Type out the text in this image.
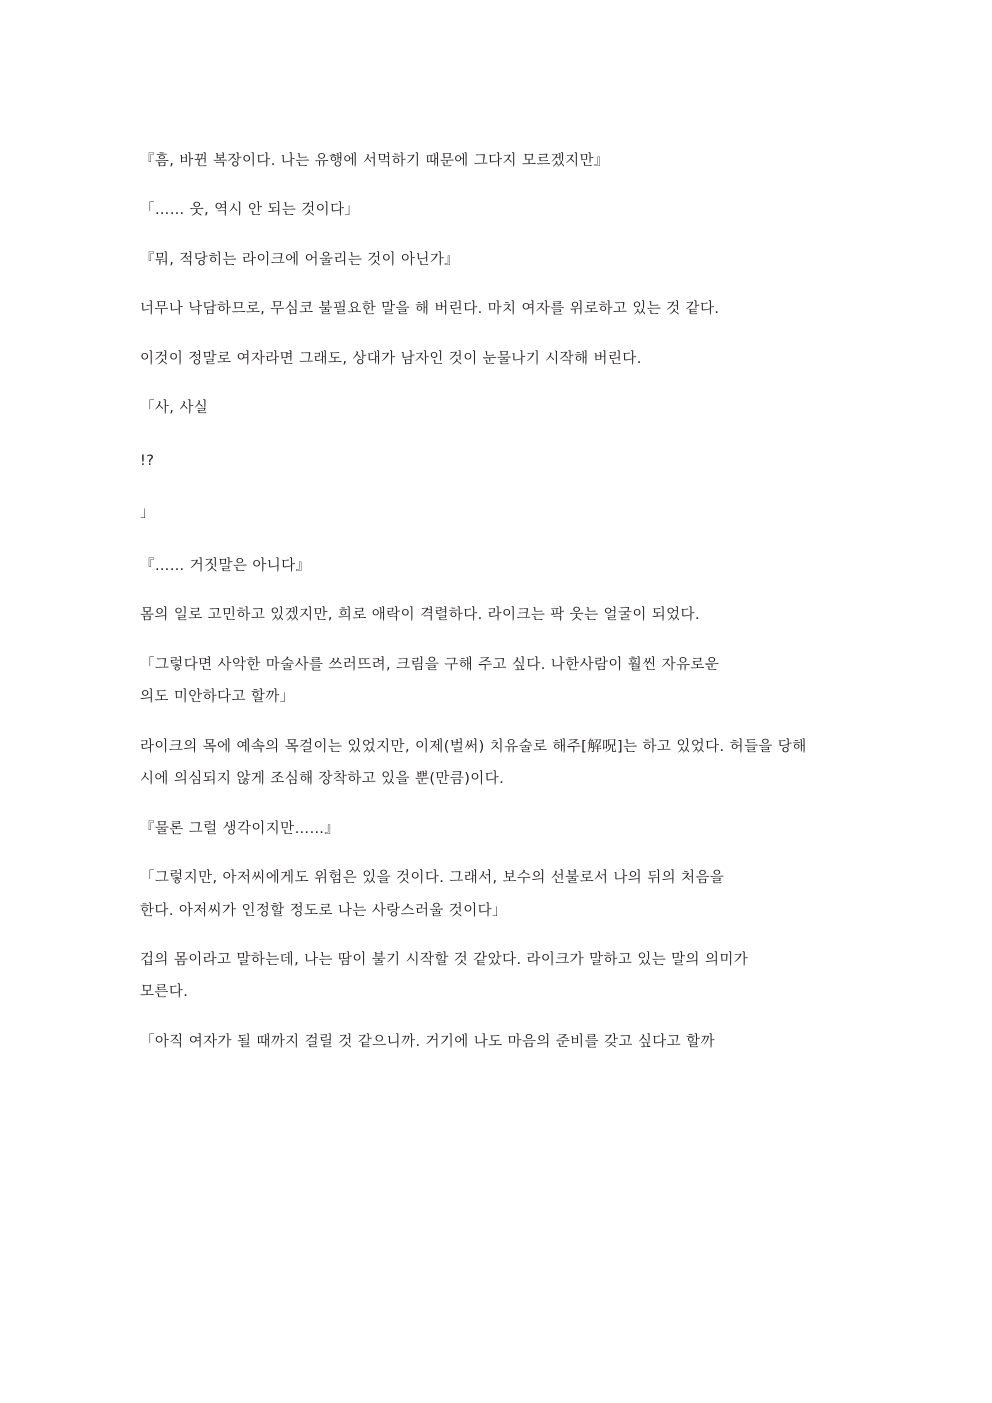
『흠, 바뀐 복장이다. 나는 유행에 서먹하기 때문에 그다지 모르겠지만』

「…… 웃, 역시 안 되는 것이다」

『뭐, 적당히는 라이크에 어울리는 것이 아닌가』

너무나 낙담하므로, 무심코 불필요한 말을 해 버린다. 마치 여자를 위로하고 있는 것 같다.

이것이 정말로 여자라면 그래도, 상대가 남자인 것이 눈물나기 시작해 버린다.

「사, 사실

!?

」

『…… 거짓말은 아니다』

몸의 일로 고민하고 있겠지만, 희로 애락이 격렬하다. 라이크는 팍 웃는 얼굴이 되었다.

「그렇다면 사악한 마술사를 쓰러뜨려, 크림을 구해 주고 싶다. 나한사람이 훨씬 자유로운

의도 미안하다고 할까」

라이크의 목에 예속의 목걸이는 있었지만, 이제(벌써) 치유술로 해주[解呪]는 하고 있었다. 허들을 당해

시에 의심되지 않게 조심해 장착하고 있을 뿐(만큼)이다.

『물론 그럴 생각이지만……』

「그렇지만, 아저씨에게도 위험은 있을 것이다. 그래서, 보수의 선불로서 나의 뒤의 처음을

한다. 아저씨가 인정할 정도로 나는 사랑스러울 것이다」

겁의 몸이라고 말하는데, 나는 땀이 불기 시작할 것 같았다. 라이크가 말하고 있는 말의 의미가

모른다.

「아직 여자가 될 때까지 걸릴 것 같으니까. 거기에 나도 마음의 준비를 갖고 싶다고 할까
